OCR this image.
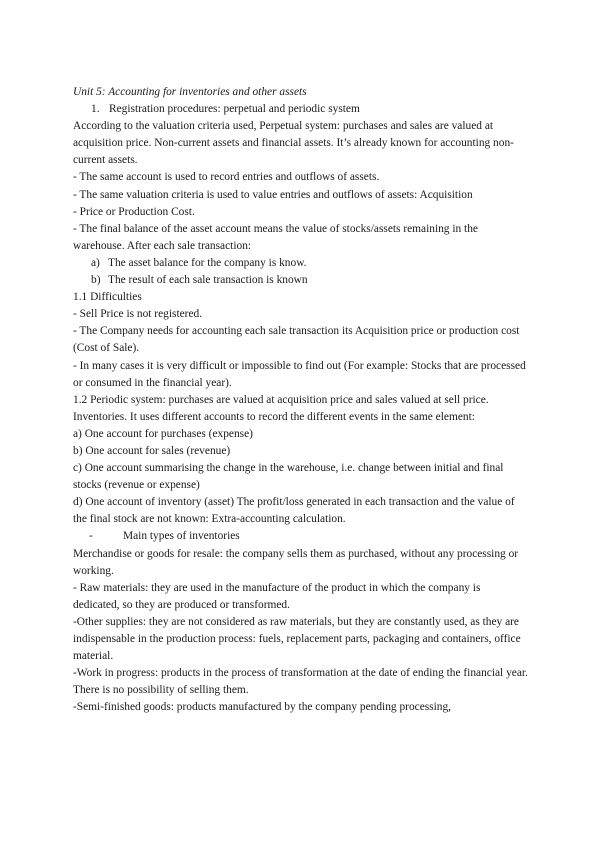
Unit 5: Accounting for inventories and other assets
1. Registration procedures: perpetual and periodic system
According to the valuation criteria used, Perpetual system: purchases and sales are valued at acquisition price. Non-current assets and financial assets. It’s already known for accounting non-current assets.
- The same account is used to record entries and outflows of assets.
- The same valuation criteria is used to value entries and outflows of assets: Acquisition
- Price or Production Cost.
- The final balance of the asset account means the value of stocks/assets remaining in the warehouse. After each sale transaction:
a) The asset balance for the company is know.
b) The result of each sale transaction is known
1.1 Difficulties
- Sell Price is not registered.
- The Company needs for accounting each sale transaction its Acquisition price or production cost (Cost of Sale).
- In many cases it is very difficult or impossible to find out (For example: Stocks that are processed or consumed in the financial year).
1.2 Periodic system: purchases are valued at acquisition price and sales valued at sell price. Inventories. It uses different accounts to record the different events in the same element:
a) One account for purchases (expense)
b) One account for sales (revenue)
c) One account summarising the change in the warehouse, i.e. change between initial and final stocks (revenue or expense)
d) One account of inventory (asset) The profit/loss generated in each transaction and the value of the final stock are not known: Extra-accounting calculation.
-	Main types of inventories
Merchandise or goods for resale: the company sells them as purchased, without any processing or working.
- Raw materials: they are used in the manufacture of the product in which the company is dedicated, so they are produced or transformed.
-Other supplies: they are not considered as raw materials, but they are constantly used, as they are indispensable in the production process: fuels, replacement parts, packaging and containers, office material.
-Work in progress: products in the process of transformation at the date of ending the financial year. There is no possibility of selling them.
-Semi-finished goods: products manufactured by the company pending processing,
